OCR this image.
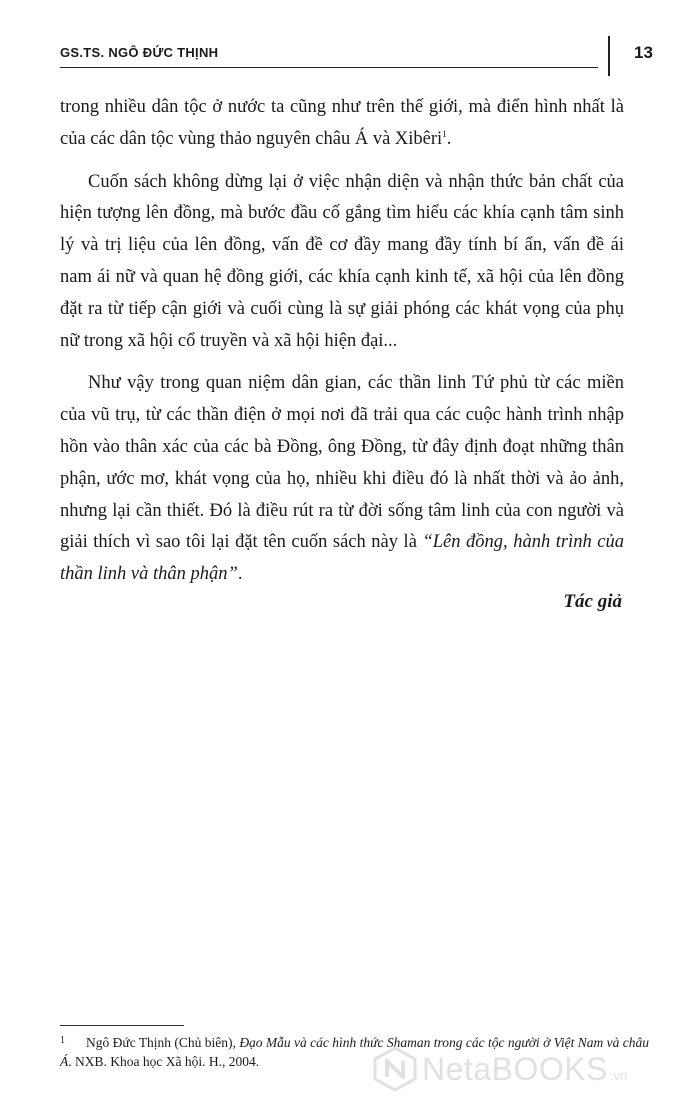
GS.TS. NGÔ ĐỨC THỊNH	13

trong nhiều dân tộc ở nước ta cũng như trên thế giới, mà điển hình nhất là của các dân tộc vùng thảo nguyên châu Á và Xibêri$^1$.

Cuốn sách không dừng lại ở việc nhận diện và nhận thức bản chất của hiện tượng lên đồng, mà bước đầu cố gắng tìm hiểu các khía cạnh tâm sinh lý và trị liệu của lên đồng, vấn đề cơ đầy mang đầy tính bí ẩn, vấn đề ái nam ái nữ và quan hệ đồng giới, các khía cạnh kinh tế, xã hội của lên đồng đặt ra từ tiếp cận giới và cuối cùng là sự giải phóng các khát vọng của phụ nữ trong xã hội cổ truyền và xã hội hiện đại...

Như vậy trong quan niệm dân gian, các thần linh Tứ phủ từ các miền của vũ trụ, từ các thần điện ở mọi nơi đã trải qua các cuộc hành trình nhập hồn vào thân xác của các bà Đồng, ông Đồng, từ đây định đoạt những thân phận, ước mơ, khát vọng của họ, nhiều khi điều đó là nhất thời và ảo ảnh, nhưng lại cần thiết. Đó là điều rút ra từ đời sống tâm linh của con người và giải thích vì sao tôi lại đặt tên cuốn sách này là “Lên đồng, hành trình của thần linh và thân phận”.

Tác giả
1 Ngô Đức Thịnh (Chủ biên), Đạo Mẫu và các hình thức Shaman trong các tộc người ở Việt Nam và châu Á. NXB. Khoa học Xã hội. H., 2004.	NetaBOOKS .vn
